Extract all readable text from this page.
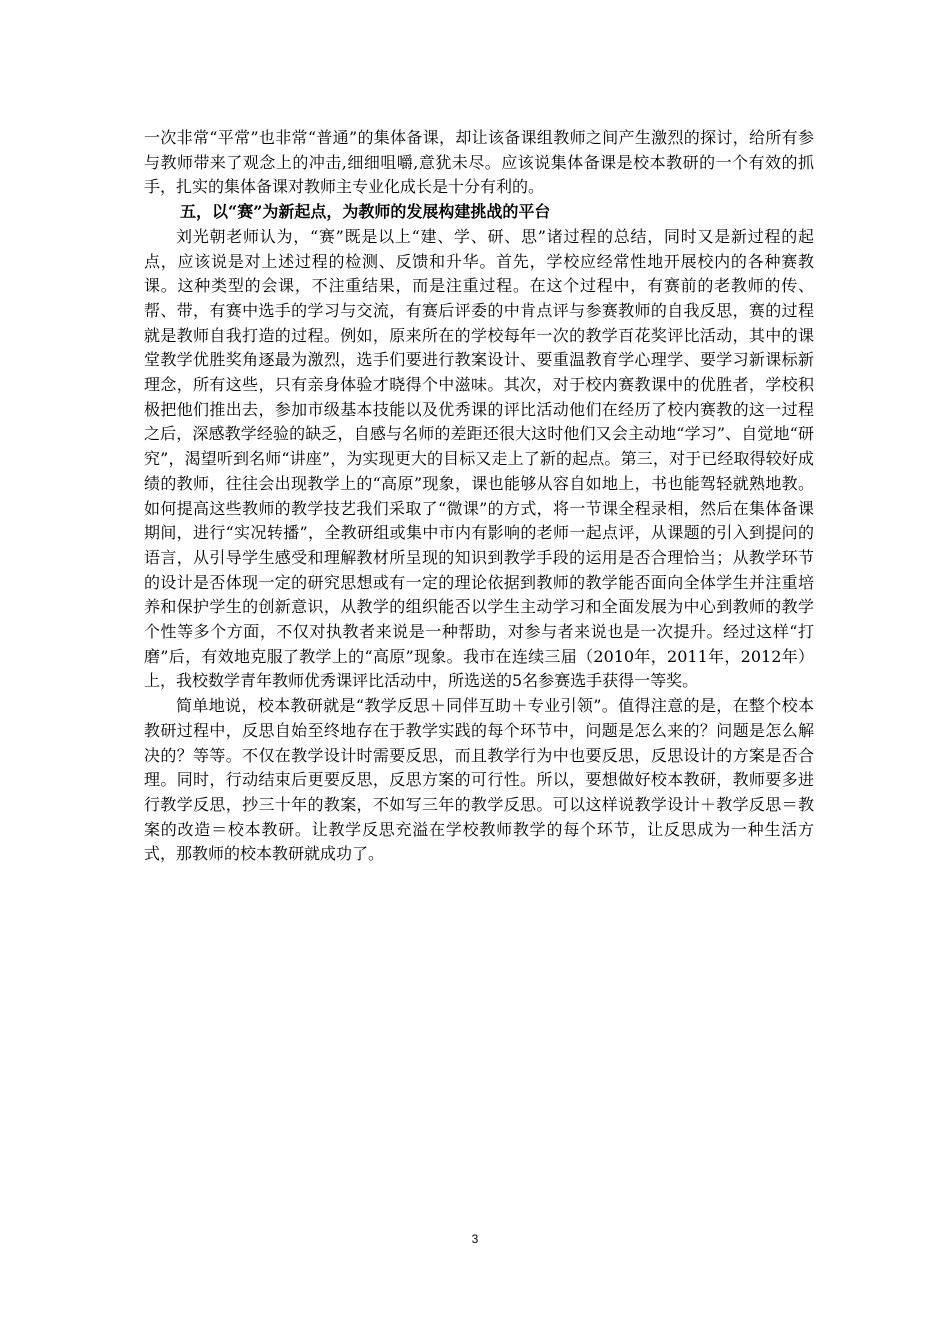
一次非常“平常”也非常“普通”的集体备课，却让该备课组教师之间产生激烈的探讨，给所有参与教师带来了观念上的冲击,细细咀嚼,意犹未尽。应该说集体备课是校本教研的一个有效的抓手，扎实的集体备课对教师主专业化成长是十分有利的。

五，以“赛”为新起点，为教师的发展构建挑战的平台

刘光朝老师认为，“赛”既是以上“建、学、研、思”诸过程的总结，同时又是新过程的起点，应该说是对上述过程的检测、反馈和升华。首先，学校应经常性地开展校内的各种赛教课。这种类型的会课，不注重结果，而是注重过程。在这个过程中，有赛前的老教师的传、帮、带，有赛中选手的学习与交流，有赛后评委的中肯点评与参赛教师的自我反思，赛的过程就是教师自我打造的过程。例如，原来所在的学校每年一次的教学百花奖评比活动，其中的课堂教学优胜奖角逐最为激烈，选手们要进行教案设计、要重温教育学心理学、要学习新课标新理念，所有这些，只有亲身体验才晓得个中滋味。其次，对于校内赛教课中的优胜者，学校积极把他们推出去，参加市级基本技能以及优秀课的评比活动他们在经历了校内赛教的这一过程之后，深感教学经验的缺乏，自感与名师的差距还很大这时他们又会主动地“学习”、自觉地“研究”，渴望听到名师“讲座”，为实现更大的目标又走上了新的起点。第三，对于已经取得较好成绩的教师，往往会出现教学上的“高原”现象，课也能够从容自如地上，书也能驾轻就熟地教。如何提高这些教师的教学技艺我们采取了“微课”的方式，将一节课全程录相，然后在集体备课期间，进行“实况转播”，全教研组或集中市内有影响的老师一起点评，从课题的引入到提问的语言，从引导学生感受和理解教材所呈现的知识到教学手段的运用是否合理恰当；从教学环节的设计是否体现一定的研究思想或有一定的理论依据到教师的教学能否面向全体学生并注重培养和保护学生的创新意识，从教学的组织能否以学生主动学习和全面发展为中心到教师的教学个性等多个方面，不仅对执教者来说是一种帮助，对参与者来说也是一次提升。经过这样“打磨”后，有效地克服了教学上的“高原”现象。我市在连续三届（2010年，2011年，2012年）上，我校数学青年教师优秀课评比活动中，所选送的5名参赛选手获得一等奖。

简单地说，校本教研就是“教学反思＋同伴互助＋专业引领”。值得注意的是，在整个校本教研过程中，反思自始至终地存在于教学实践的每个环节中，问题是怎么来的？问题是怎么解决的？等等。不仅在教学设计时需要反思，而且教学行为中也要反思，反思设计的方案是否合理。同时，行动结束后更要反思，反思方案的可行性。所以，要想做好校本教研，教师要多进行教学反思，抄三十年的教案，不如写三年的教学反思。可以这样说教学设计＋教学反思＝教案的改造＝校本教研。让教学反思充溢在学校教师教学的每个环节，让反思成为一种生活方式，那教师的校本教研就成功了。

3
